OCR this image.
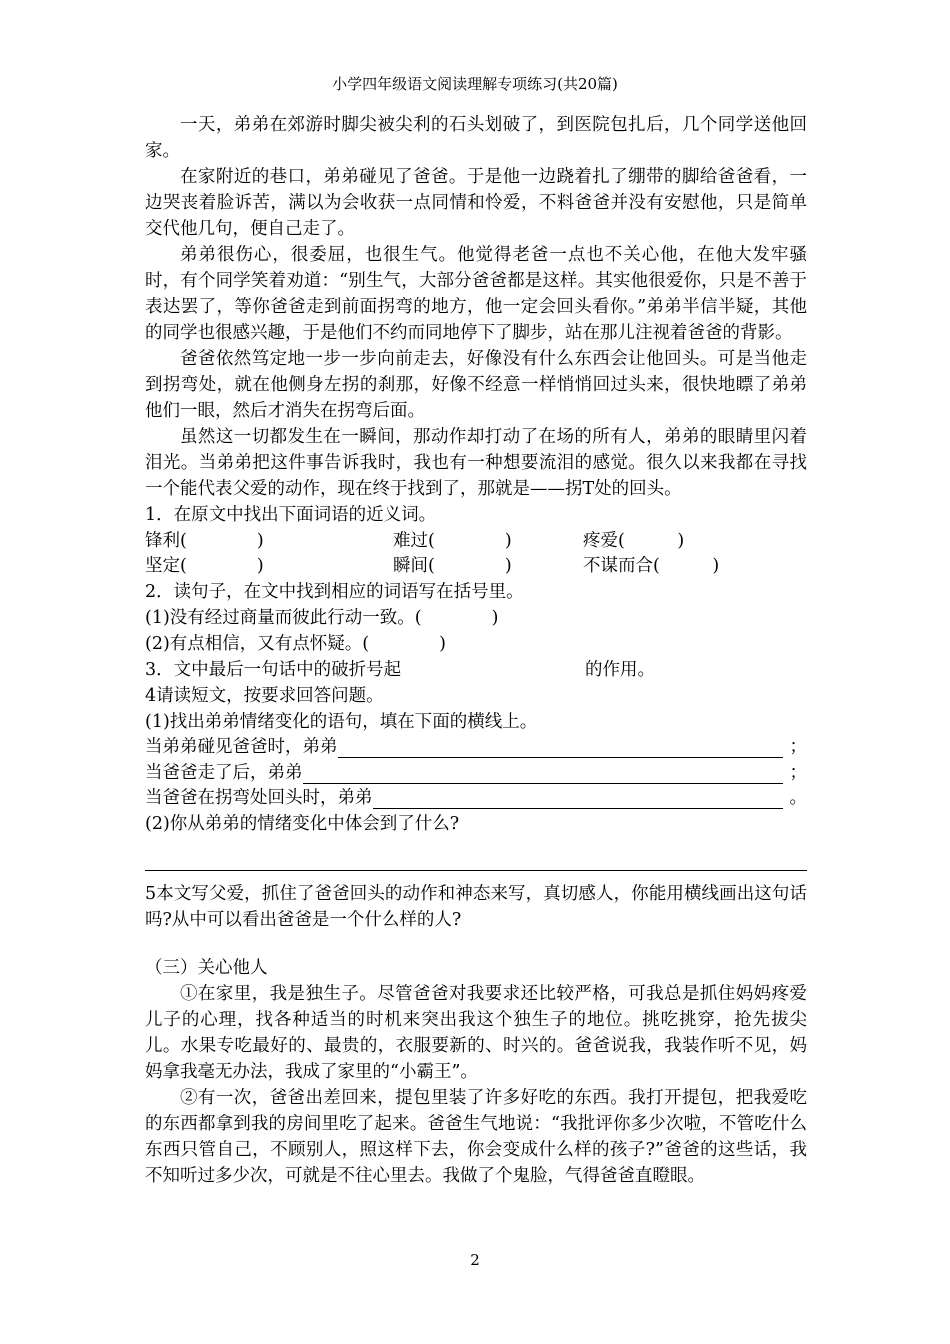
小学四年级语文阅读理解专项练习(共20篇)

一天，弟弟在郊游时脚尖被尖利的石头划破了，到医院包扎后，几个同学送他回家。

在家附近的巷口，弟弟碰见了爸爸。于是他一边跷着扎了绷带的脚给爸爸看，一边哭丧着脸诉苦，满以为会收获一点同情和怜爱，不料爸爸并没有安慰他，只是简单交代他几句，便自己走了。

弟弟很伤心，很委屈，也很生气。他觉得老爸一点也不关心他，在他大发牢骚时，有个同学笑着劝道：“别生气，大部分爸爸都是这样。其实他很爱你，只是不善于表达罢了，等你爸爸走到前面拐弯的地方，他一定会回头看你。”弟弟半信半疑，其他的同学也很感兴趣，于是他们不约而同地停下了脚步，站在那儿注视着爸爸的背影。

爸爸依然笃定地一步一步向前走去，好像没有什么东西会让他回头。可是当他走到拐弯处，就在他侧身左拐的刹那，好像不经意一样悄悄回过头来，很快地瞟了弟弟他们一眼，然后才消失在拐弯后面。

虽然这一切都发生在一瞬间，那动作却打动了在场的所有人，弟弟的眼睛里闪着泪光。当弟弟把这件事告诉我时，我也有一种想要流泪的感觉。很久以来我都在寻找一个能代表父爱的动作，现在终于找到了，那就是——拐T处的回头。

1．在原文中找出下面词语的近义词。

锋利(　　　　)	难过(　　　　)	疼爱(　　　)
坚定(　　　　)	瞬间(　　　　)	不谋而合(　　　)

2．读句子，在文中找到相应的词语写在括号里。

(1)没有经过商量而彼此行动一致。(　　　　)

(2)有点相信，又有点怀疑。(　　　　)

3．文中最后一句话中的破折号起	的作用。

4请读短文，按要求回答问题。

(1)找出弟弟情绪变化的语句，填在下面的横线上。

当弟弟碰见爸爸时，弟弟	；
当爸爸走了后，弟弟	；
当爸爸在拐弯处回头时，弟弟	。

(2)你从弟弟的情绪变化中体会到了什么?

5本文写父爱，抓住了爸爸回头的动作和神态来写，真切感人，你能用横线画出这句话吗?从中可以看出爸爸是一个什么样的人?

（三）关心他人

①在家里，我是独生子。尽管爸爸对我要求还比较严格，可我总是抓住妈妈疼爱儿子的心理，找各种适当的时机来突出我这个独生子的地位。挑吃挑穿，抢先拔尖儿。水果专吃最好的、最贵的，衣服要新的、时兴的。爸爸说我，我装作听不见，妈妈拿我毫无办法，我成了家里的“小霸王”。

②有一次，爸爸出差回来，提包里装了许多好吃的东西。我打开提包，把我爱吃的东西都拿到我的房间里吃了起来。爸爸生气地说：“我批评你多少次啦，不管吃什么东西只管自己，不顾别人，照这样下去，你会变成什么样的孩子?”爸爸的这些话，我不知听过多少次，可就是不往心里去。我做了个鬼脸，气得爸爸直瞪眼。

2
